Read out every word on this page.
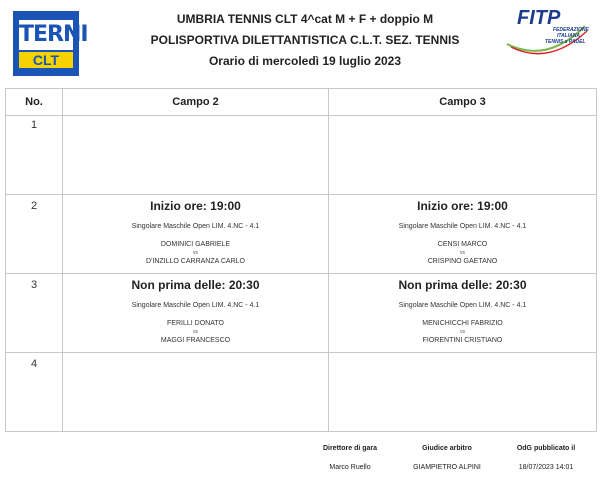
TERNI
CLT
UMBRIA TENNIS CLT 4^cat M + F + doppio M
POLISPORTIVA DILETTANTISTICA C.L.T. SEZ. TENNIS
Orario di mercoledì 19 luglio 2023
FITP
FEDERAZIONE
ITALIANA
TENNIS e PADEL
No.	Campo 2	Campo 3
1
2
3
4
Inizio ore: 19:00
Singolare Maschile Open LIM. 4.NC - 4.1
DOMINICI GABRIELE
vs
D'INZILLO CARRANZA CARLO
Inizio ore: 19:00
Singolare Maschile Open LIM. 4.NC - 4.1
CENSI MARCO
vs
CRISPINO GAETANO
Non prima delle: 20:30
Singolare Maschile Open LIM. 4.NC - 4.1
FERILLI DONATO
vs
MAGGI FRANCESCO
Non prima delle: 20:30
Singolare Maschile Open LIM. 4.NC - 4.1
MENICHICCHI FABRIZIO
vs
FIORENTINI CRISTIANO
Direttore di gara
Marco Ruello
Giudice arbitro
GIAMPIETRO ALPINI
OdG pubblicato il
18/07/2023 14:01
